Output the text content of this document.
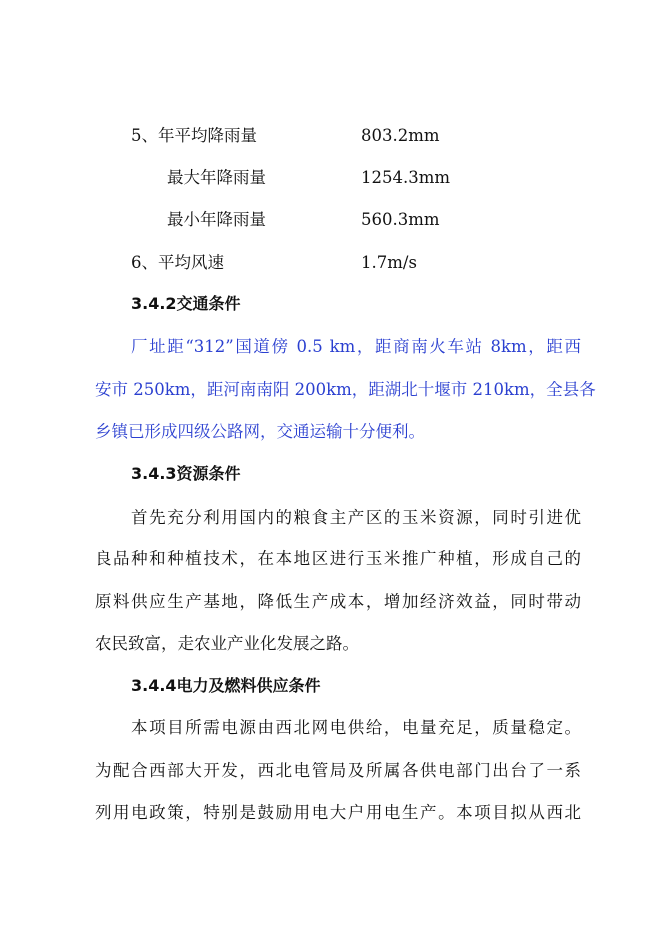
5、年平均降雨量	803.2mm
最大年降雨量	1254.3mm
最小年降雨量	560.3mm
6、平均风速	1.7m/s
3.4.2交通条件
厂址距“312”国道傍 0.5 km，距商南火车站 8km，距西
安市 250km，距河南南阳 200km，距湖北十堰市 210km，全县各
乡镇已形成四级公路网，交通运输十分便利。
3.4.3资源条件
首先充分利用国内的粮食主产区的玉米资源，同时引进优
良品种和种植技术，在本地区进行玉米推广种植，形成自己的
原料供应生产基地，降低生产成本，增加经济效益，同时带动
农民致富，走农业产业化发展之路。
3.4.4电力及燃料供应条件
本项目所需电源由西北网电供给，电量充足，质量稳定。
为配合西部大开发，西北电管局及所属各供电部门出台了一系
列用电政策，特别是鼓励用电大户用电生产。本项目拟从西北
